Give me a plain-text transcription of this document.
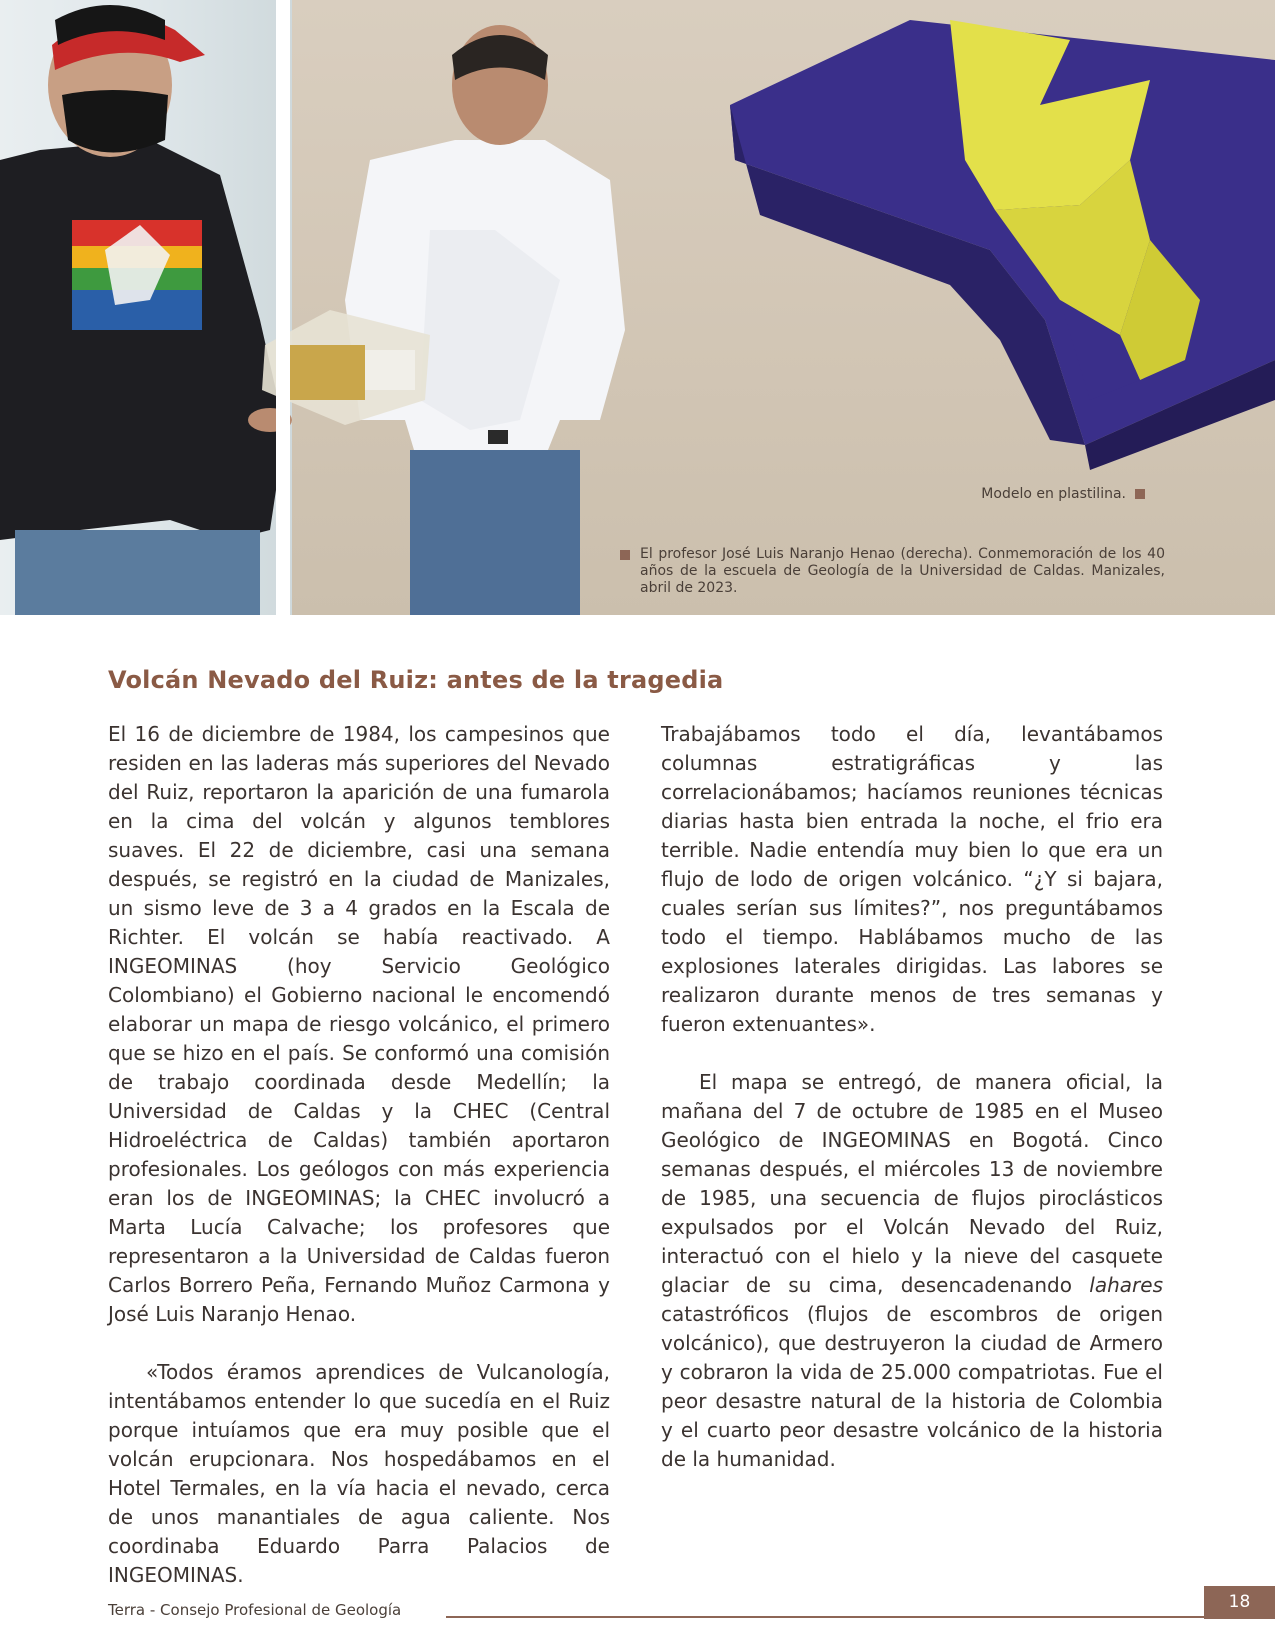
Modelo en plastilina.
El profesor José Luis Naranjo Henao (derecha). Conmemoración de los 40 años de la escuela de Geología de la Universidad de Caldas. Manizales, abril de 2023.
Volcán Nevado del Ruiz: antes de la tragedia

El 16 de diciembre de 1984, los campesinos que residen en las laderas más superiores del Nevado del Ruiz, reportaron la aparición de una fumarola en la cima del volcán y algunos temblores suaves. El 22 de diciembre, casi una semana después, se registró en la ciudad de Manizales, un sismo leve de 3 a 4 grados en la Escala de Richter. El volcán se había reactivado. A INGEOMINAS (hoy Servicio Geológico Colombiano) el Gobierno nacional le encomendó elaborar un mapa de riesgo volcánico, el primero que se hizo en el país. Se conformó una comisión de trabajo coordinada desde Medellín; la Universidad de Caldas y la CHEC (Central Hidroeléctrica de Caldas) también aportaron profesionales. Los geólogos con más experiencia eran los de INGEOMINAS; la CHEC involucró a Marta Lucía Calvache; los profesores que representaron a la Universidad de Caldas fueron Carlos Borrero Peña, Fernando Muñoz Carmona y José Luis Naranjo Henao.

«Todos éramos aprendices de Vulcanología, intentábamos entender lo que sucedía en el Ruiz porque intuíamos que era muy posible que el volcán erupcionara. Nos hospedábamos en el Hotel Termales, en la vía hacia el nevado, cerca de unos manantiales de agua caliente. Nos coordinaba Eduardo Parra Palacios de INGEOMINAS.

Trabajábamos todo el día, levantábamos columnas estratigráficas y las correlacionábamos; hacíamos reuniones técnicas diarias hasta bien entrada la noche, el frio era terrible. Nadie entendía muy bien lo que era un flujo de lodo de origen volcánico. “¿Y si bajara, cuales serían sus límites?”, nos preguntábamos todo el tiempo. Hablábamos mucho de las explosiones laterales dirigidas. Las labores se realizaron durante menos de tres semanas y fueron extenuantes».

El mapa se entregó, de manera oficial, la mañana del 7 de octubre de 1985 en el Museo Geológico de INGEOMINAS en Bogotá. Cinco semanas después, el miércoles 13 de noviembre de 1985, una secuencia de flujos piroclásticos expulsados por el Volcán Nevado del Ruiz, interactuó con el hielo y la nieve del casquete glaciar de su cima, desencadenando lahares catastróficos (flujos de escombros de origen volcánico), que destruyeron la ciudad de Armero y cobraron la vida de 25.000 compatriotas. Fue el peor desastre natural de la historia de Colombia y el cuarto peor desastre volcánico de la historia de la humanidad.

Terra - Consejo Profesional de Geología	18
